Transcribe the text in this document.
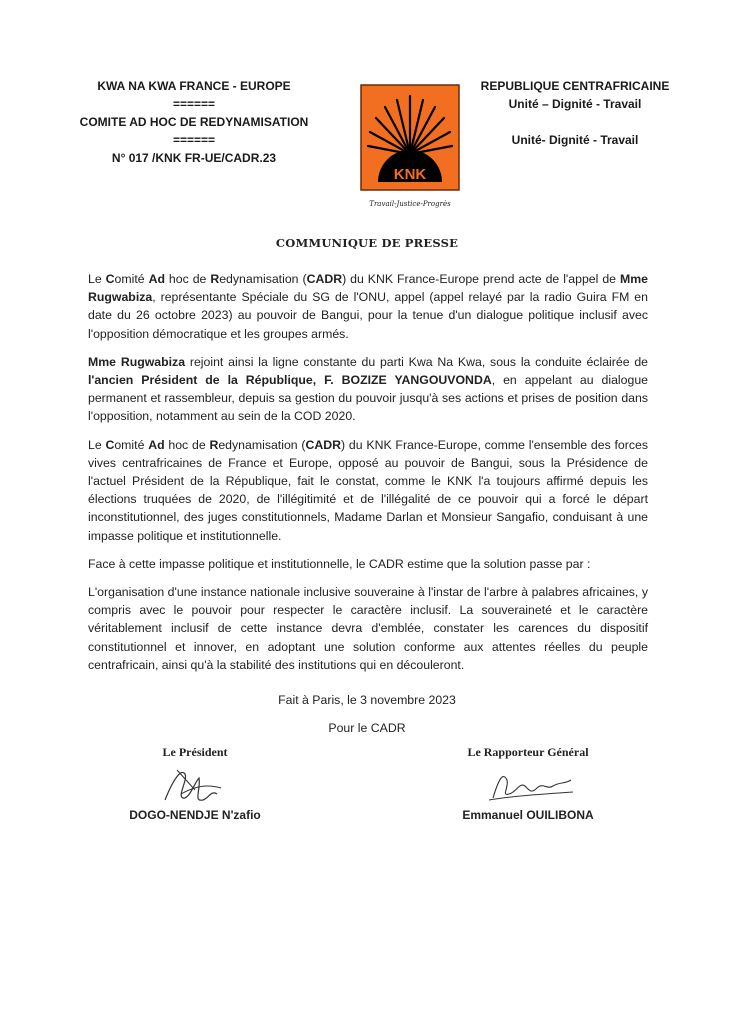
KWA NA KWA FRANCE - EUROPE
======
COMITE AD HOC DE REDYNAMISATION
======
N° 017 /KNK FR-UE/CADR.23
KNK
Travail-Justice-Progrès
REPUBLIQUE CENTRAFRICAINE
Unité – Dignité - Travail
Unité- Dignité - Travail
COMMUNIQUE DE PRESSE

Le Comité Ad hoc de Redynamisation (CADR) du KNK France-Europe prend acte de l'appel de Mme Rugwabiza, représentante Spéciale du SG de l'ONU, appel (appel relayé par la radio Guira FM en date du 26 octobre 2023) au pouvoir de Bangui, pour la tenue d'un dialogue politique inclusif avec l'opposition démocratique et les groupes armés.

Mme Rugwabiza rejoint ainsi la ligne constante du parti Kwa Na Kwa, sous la conduite éclairée de l'ancien Président de la République, F. BOZIZE YANGOUVONDA, en appelant au dialogue permanent et rassembleur, depuis sa gestion du pouvoir jusqu'à ses actions et prises de position dans l'opposition, notamment au sein de la COD 2020.

Le Comité Ad hoc de Redynamisation (CADR) du KNK France-Europe, comme l'ensemble des forces vives centrafricaines de France et Europe, opposé au pouvoir de Bangui, sous la Présidence de l'actuel Président de la République, fait le constat, comme le KNK l'a toujours affirmé depuis les élections truquées de 2020, de l'illégitimité et de l'illégalité de ce pouvoir qui a forcé le départ inconstitutionnel, des juges constitutionnels, Madame Darlan et Monsieur Sangafio, conduisant à une impasse politique et institutionnelle.

Face à cette impasse politique et institutionnelle, le CADR estime que la solution passe par :

L'organisation d'une instance nationale inclusive souveraine à l'instar de l'arbre à palabres africaines, y compris avec le pouvoir pour respecter le caractère inclusif. La souveraineté et le caractère véritablement inclusif de cette instance devra d'emblée, constater les carences du dispositif constitutionnel et innover, en adoptant une solution conforme aux attentes réelles du peuple centrafricain, ainsi qu'à la stabilité des institutions qui en découleront.

Fait à Paris, le 3 novembre 2023
Pour le CADR
Le Président
DOGO-NENDJE N'zafio
Le Rapporteur Général
Emmanuel OUILIBONA
